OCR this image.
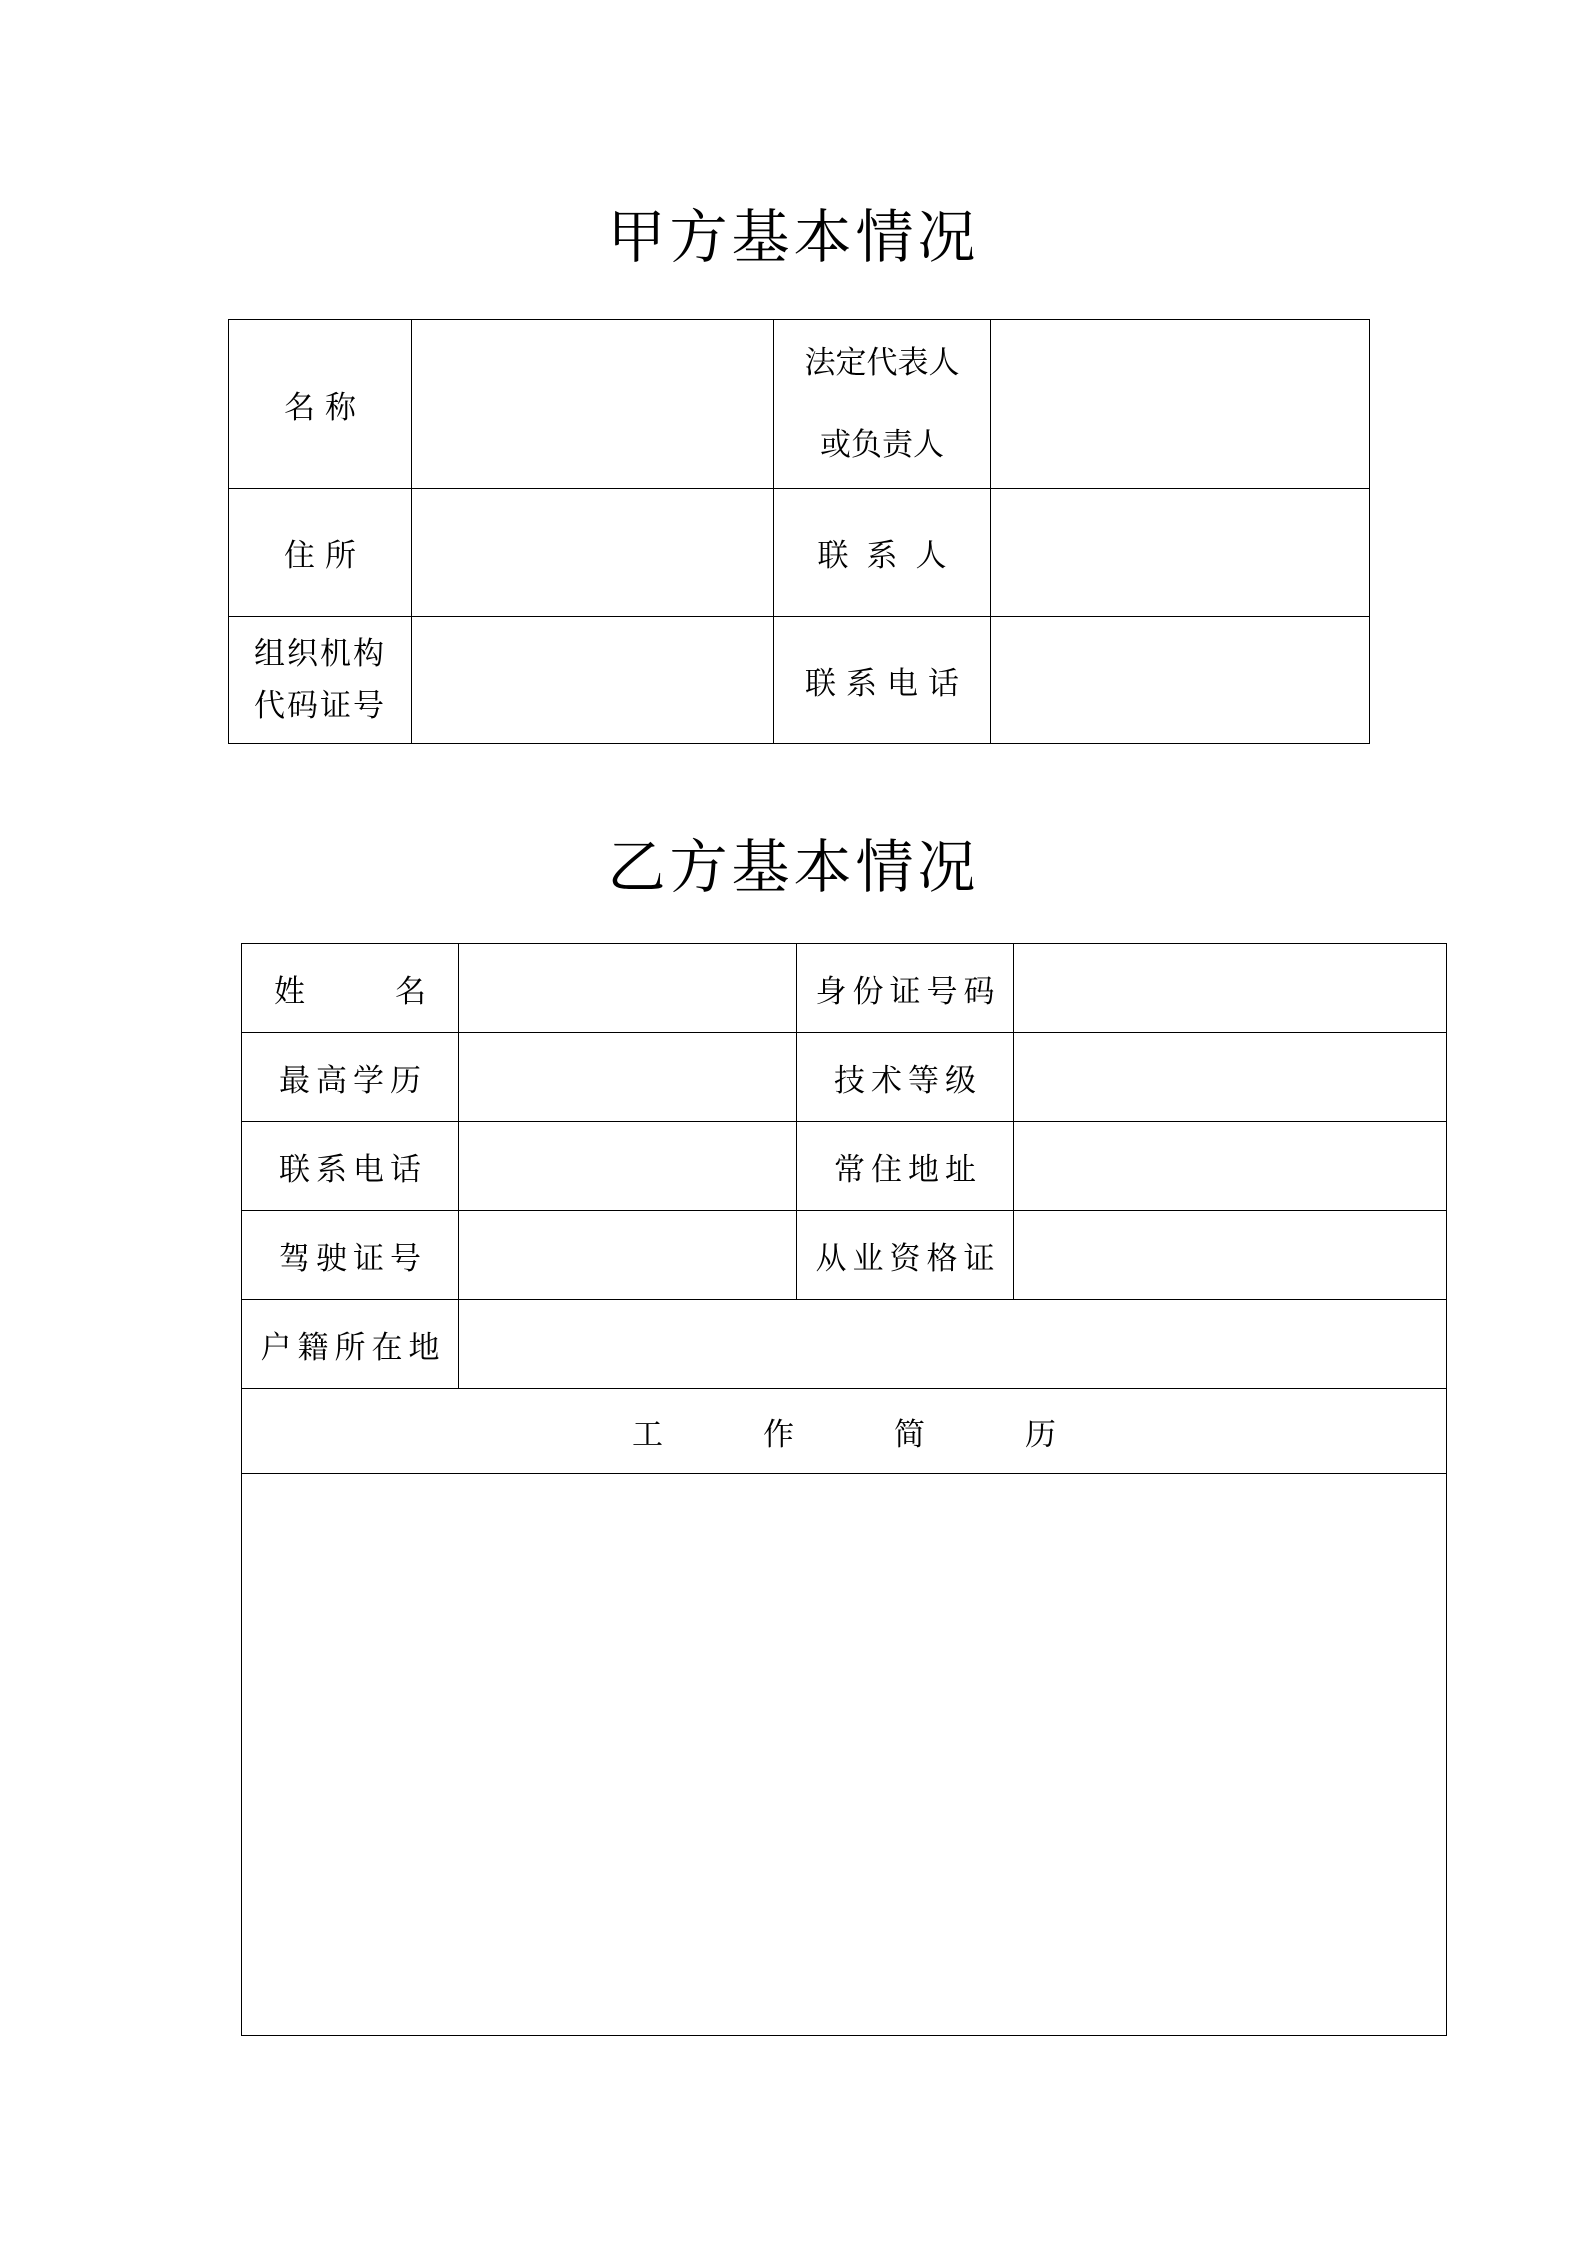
甲方基本情况
名称		法定代表人
或负责人	

住所		联系人	

组织机构
代码证号		联系电话	
乙方基本情况
姓 名		身份证号码	
最高学历		技术等级	
联系电话		常住地址	
驾驶证号		从业资格证	
户籍所在地			
工作简历			
